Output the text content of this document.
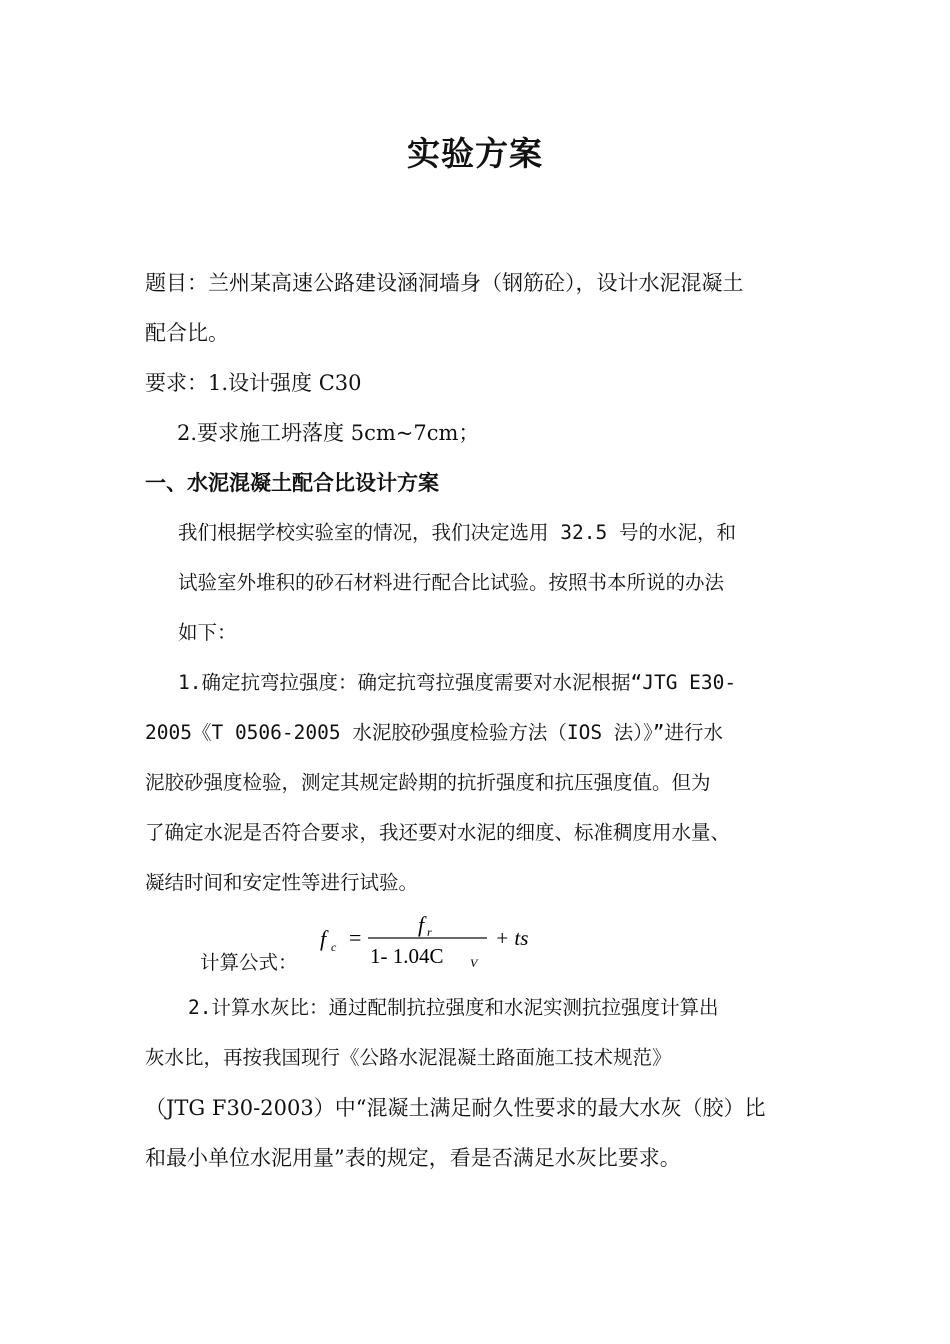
实验方案
题目：兰州某高速公路建设涵洞墙身（钢筋砼），设计水泥混凝土
配合比。
要求：1.设计强度 C30
2.要求施工坍落度 5cm~7cm；
一、水泥混凝土配合比设计方案
我们根据学校实验室的情况，我们决定选用 32.5 号的水泥，和
试验室外堆积的砂石材料进行配合比试验。按照书本所说的办法
如下：
1.确定抗弯拉强度：确定抗弯拉强度需要对水泥根据“JTG E30-
2005《T 0506-2005 水泥胶砂强度检验方法（IOS 法）》”进行水
泥胶砂强度检验，测定其规定龄期的抗折强度和抗压强度值。但为
了确定水泥是否符合要求，我还要对水泥的细度、标准稠度用水量、
凝结时间和安定性等进行试验。
计算公式：
f c =
f r
1- 1.04C V
+ ts
2.计算水灰比：通过配制抗拉强度和水泥实测抗拉强度计算出
灰水比，再按我国现行《公路水泥混凝土路面施工技术规范》
（JTG F30-2003）中“混凝土满足耐久性要求的最大水灰（胶）比
和最小单位水泥用量”表的规定，看是否满足水灰比要求。
